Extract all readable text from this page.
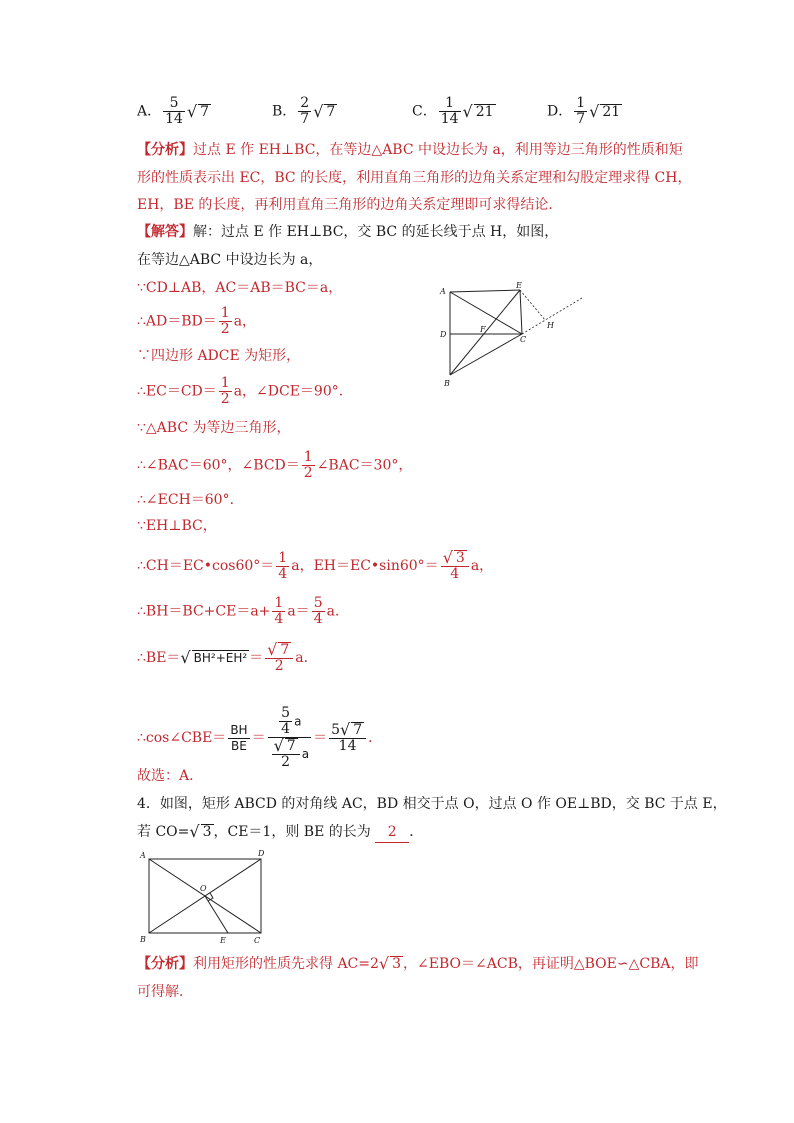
A． $\frac{5}{14}$ √ 7	B． $\frac{2}{7}$ √ 7	C． $\frac{1}{14}$ √ 21	D． $\frac{1}{7}$ √ 21
【分析】过点 E 作 EH⊥BC，在等边△ABC 中设边长为 a，利用等边三角形的性质和矩
形的性质表示出 EC，BC 的长度，利用直角三角形的边角关系定理和勾股定理求得 CH，
EH，BE 的长度，再利用直角三角形的边角关系定理即可求得结论．
【解答】解：过点 E 作 EH⊥BC，交 BC 的延长线于点 H，如图，
在等边△ABC 中设边长为 a，
∵CD⊥AB，AC＝AB＝BC＝a，
∴AD＝BD＝ $\frac{1}{2}$ a，
∵四边形 ADCE 为矩形，
∴EC＝CD＝ $\frac{1}{2}$ a，∠DCE＝90°．
∵△ABC 为等边三角形，
∴∠BAC＝60°，∠BCD＝ $\frac{1}{2}$ ∠BAC＝30°，
∴∠ECH＝60°．
∵EH⊥BC，
∴CH＝EC•cos60°＝ $\frac{1}{4}$ a，EH＝EC•sin60°＝ $\frac{√ 3}{4}$ a，
∴BH＝BC+CE＝a+ $\frac{1}{4} a= \frac{5}{4}$ a．
∴BE＝√ $BH^2+EH^2 = \frac{√ 7}{2}$ a．
∴cos∠CBE＝ $\frac{BH}{BE} = \frac{\frac{5}{4} a}{\frac{√ 7}{2} a} = \frac{5√ 7}{14}$ ．
故选：A．
A
D
B
C
E
F	H
4．如图，矩形 ABCD 的对角线 AC，BD 相交于点 O，过点 O 作 OE⊥BD，交 BC 于点 E，
若 CO=√ 3 ，CE＝1，则 BE 的长为 2 ．
A	D
B	C
E
O
【分析】利用矩形的性质先求得 AC=2√ 3 ，∠EBO＝∠ACB，再证明△BOE∽△CBA，即
可得解．
